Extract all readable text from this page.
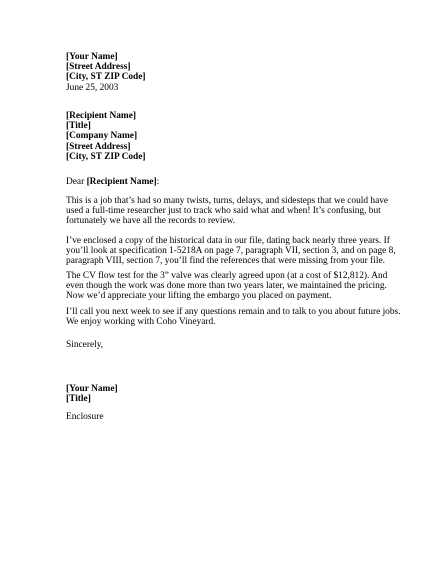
[Your Name]
[Street Address]
[City, ST ZIP Code]
June 25, 2003
[Recipient Name]
[Title]
[Company Name]
[Street Address]
[City, ST ZIP Code]
Dear [Recipient Name]:
This is a job that’s had so many twists, turns, delays, and sidesteps that we could have
used a full-time researcher just to track who said what and when! It’s confusing, but
fortunately we have all the records to review.
I’ve enclosed a copy of the historical data in our file, dating back nearly three years. If
you’ll look at specification 1-5218A on page 7, paragraph VII, section 3, and on page 8,
paragraph VIII, section 7, you’ll find the references that were missing from your file.
The CV flow test for the 3” valve was clearly agreed upon (at a cost of $12,812). And
even though the work was done more than two years later, we maintained the pricing.
Now we’d appreciate your lifting the embargo you placed on payment.
I’ll call you next week to see if any questions remain and to talk to you about future jobs.
We enjoy working with Coho Vineyard.
Sincerely,
[Your Name]
[Title]
Enclosure
